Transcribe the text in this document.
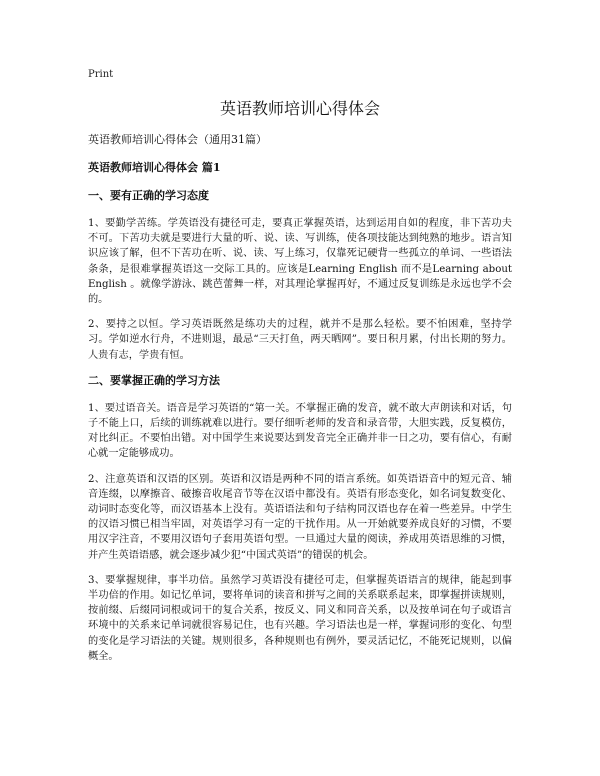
Print
英语教师培训心得体会

英语教师培训心得体会（通用31篇）

英语教师培训心得体会 篇1

一、要有正确的学习态度

1、要勤学苦练。学英语没有捷径可走，要真正掌握英语，达到运用自如的程度，非下苦功夫不可。下苦功夫就是要进行大量的听、说、读、写训练，使各项技能达到纯熟的地步。语言知识应该了解，但不下苦功在听、说、读、写上练习，仅靠死记硬背一些孤立的单词、一些语法条条，是很难掌握英语这一交际工具的。应该是Learning English 而不是Learning about English 。就像学游泳、跳芭蕾舞一样，对其理论掌握再好，不通过反复训练是永远也学不会的。

2、要持之以恒。学习英语既然是练功夫的过程，就并不是那么轻松。要不怕困难，坚持学习。学如逆水行舟，不进则退，最忌“三天打鱼，两天晒网”。要日积月累，付出长期的努力。人贵有志，学贵有恒。

二、要掌握正确的学习方法

1、要过语音关。语音是学习英语的“第一关。不掌握正确的发音，就不敢大声朗读和对话，句子不能上口，后续的训练就难以进行。要仔细听老师的发音和录音带，大胆实践，反复模仿，对比纠正。不要怕出错。对中国学生来说要达到发音完全正确并非一日之功，要有信心，有耐心就一定能够成功。

2、注意英语和汉语的区别。英语和汉语是两种不同的语言系统。如英语语音中的短元音、辅音连缀，以摩擦音、破擦音收尾音节等在汉语中都没有。英语有形态变化，如名词复数变化、动词时态变化等，而汉语基本上没有。英语语法和句子结构同汉语也存在着一些差异。中学生的汉语习惯已相当牢固，对英语学习有一定的干扰作用。从一开始就要养成良好的习惯，不要用汉字注音，不要用汉语句子套用英语句型。一旦通过大量的阅读，养成用英语思维的习惯，并产生英语语感，就会逐步减少犯“中国式英语”的错误的机会。

3、要掌握规律，事半功倍。虽然学习英语没有捷径可走，但掌握英语语言的规律，能起到事半功倍的作用。如记忆单词，要将单词的读音和拼写之间的关系联系起来，即掌握拼读规则，按前缀、后缀同词根或词干的复合关系，按反义、同义和同音关系，以及按单词在句子或语言环境中的关系来记单词就很容易记住，也有兴趣。学习语法也是一样，掌握词形的变化、句型的变化是学习语法的关键。规则很多，各种规则也有例外，要灵活记忆，不能死记规则，以偏概全。
